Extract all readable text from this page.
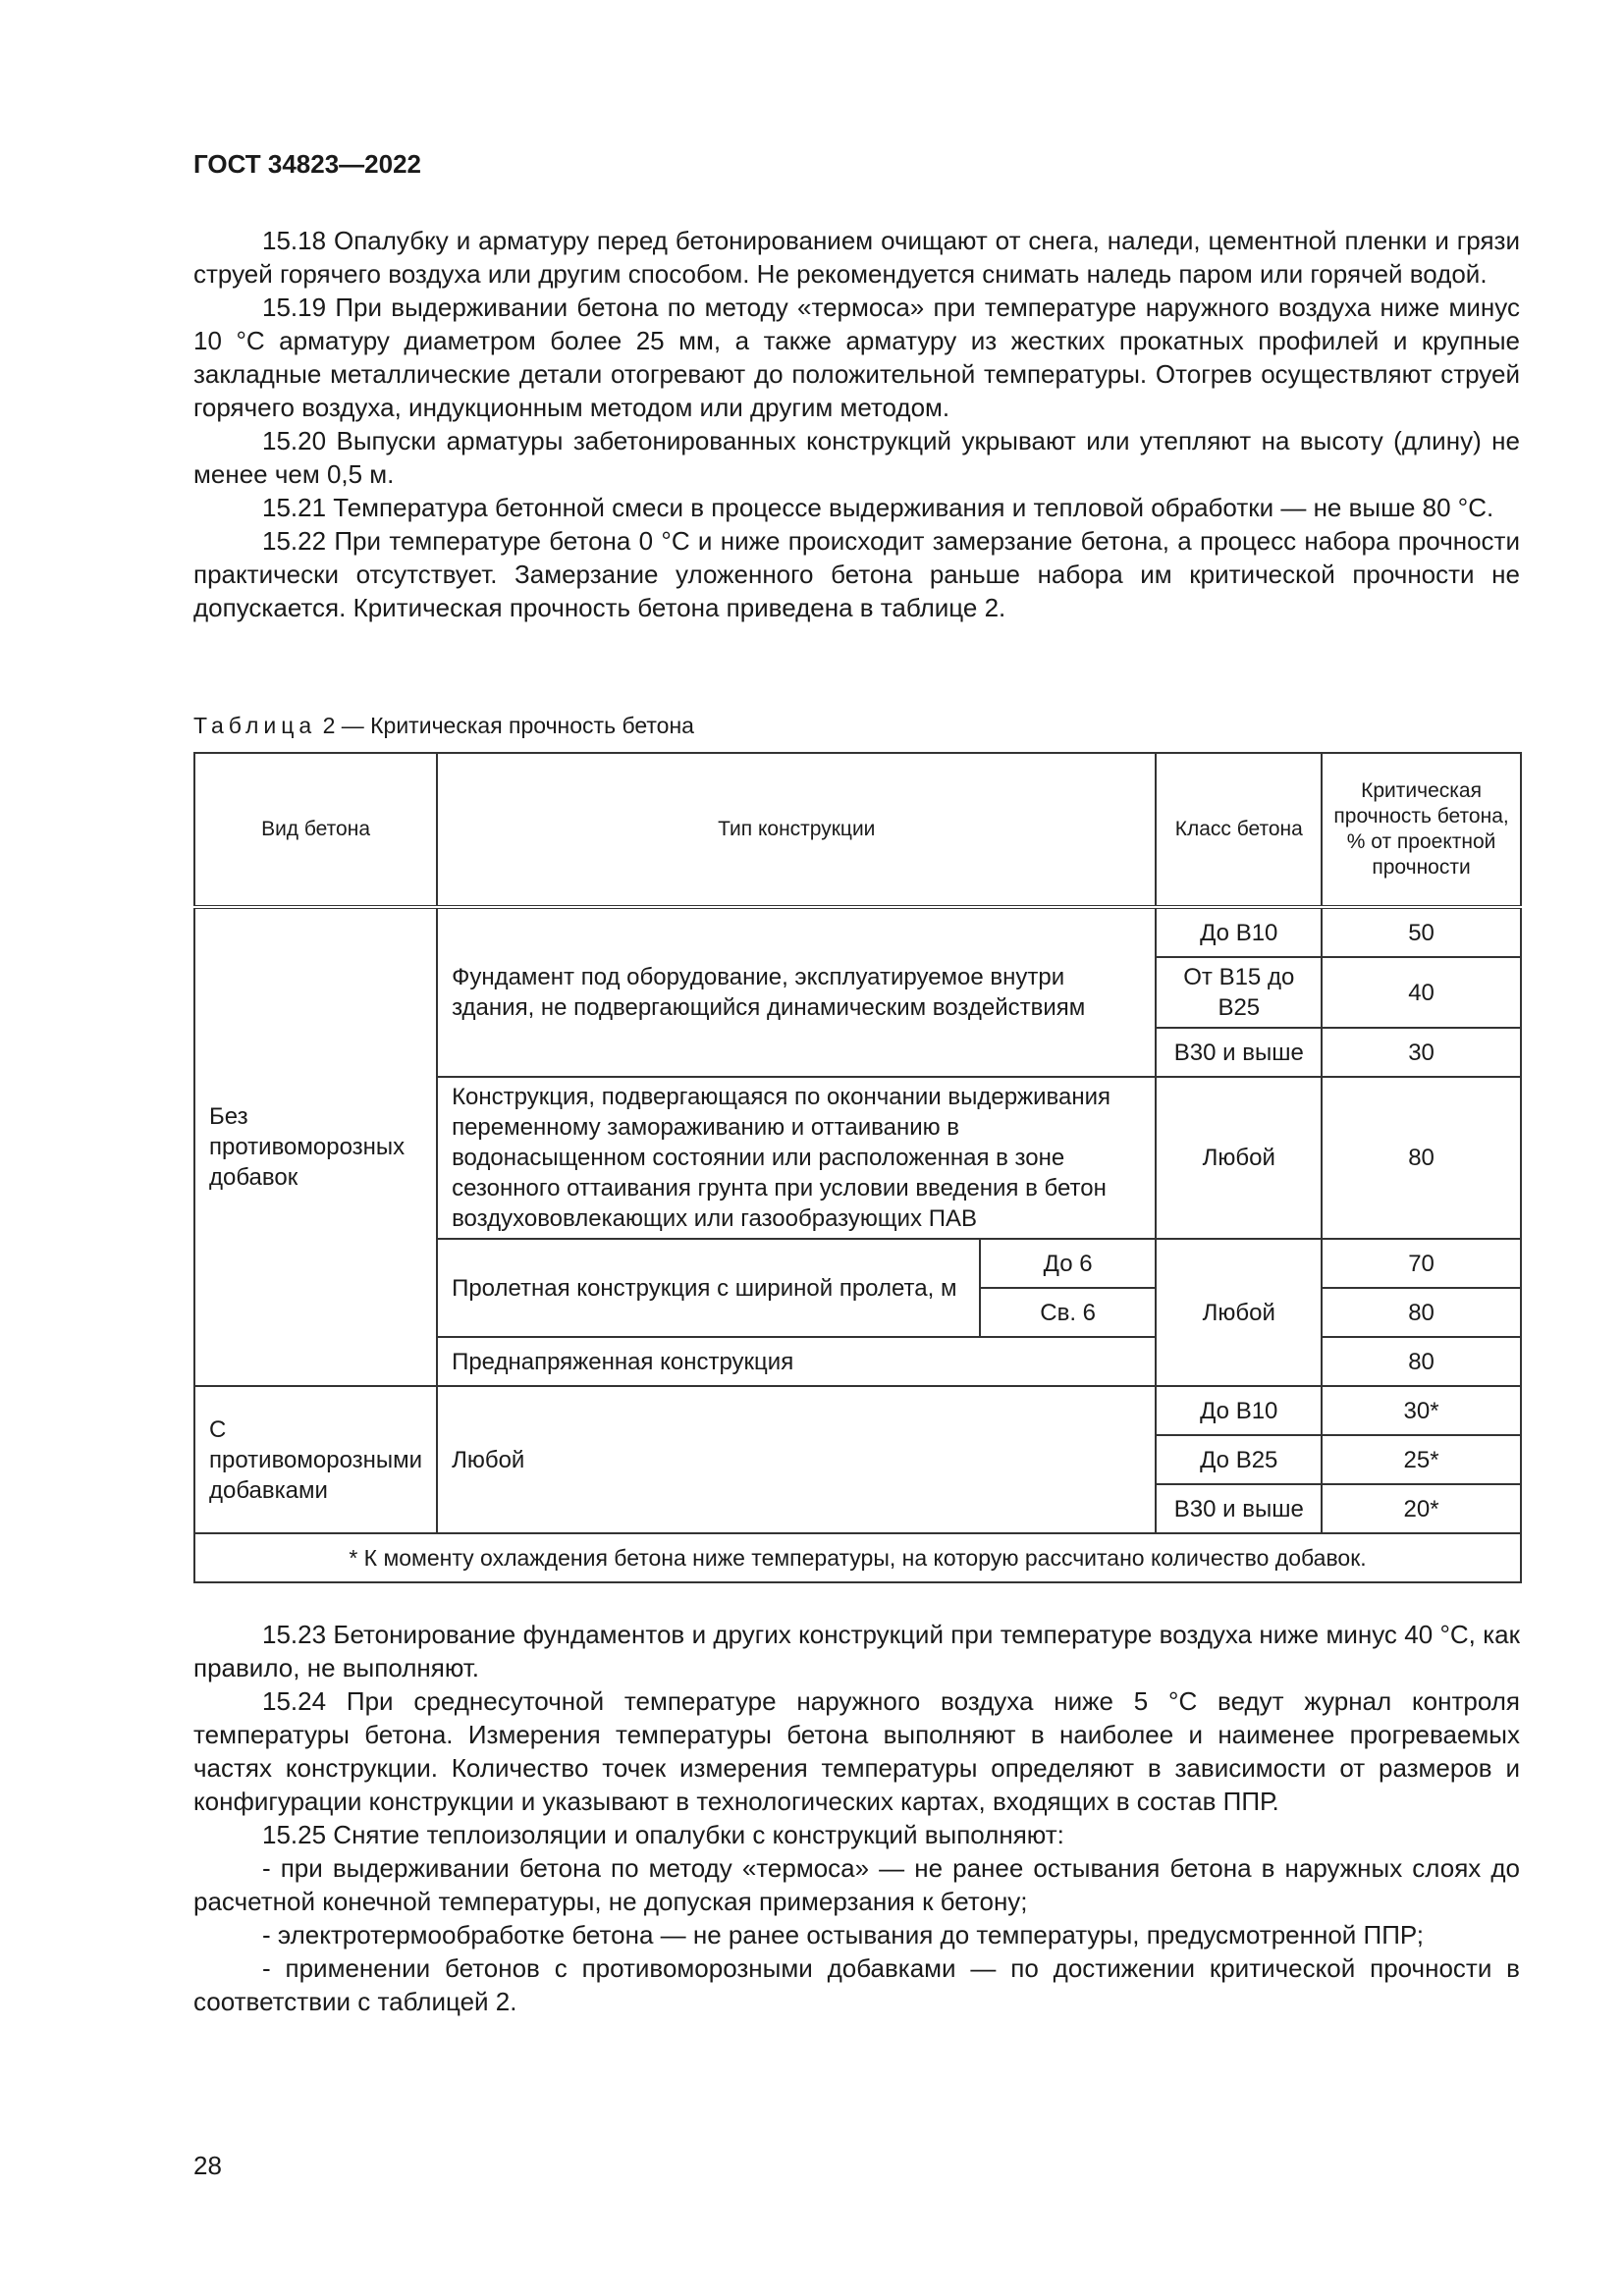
ГОСТ 34823—2022

15.18 Опалубку и арматуру перед бетонированием очищают от снега, наледи, цементной пленки и грязи струей горячего воздуха или другим способом. Не рекомендуется снимать наледь паром или горячей водой.

15.19 При выдерживании бетона по методу «термоса» при температуре наружного воздуха ниже минус 10 °С арматуру диаметром более 25 мм, а также арматуру из жестких прокатных профилей и крупные закладные металлические детали отогревают до положительной температуры. Отогрев осуществляют струей горячего воздуха, индукционным методом или другим методом.

15.20 Выпуски арматуры забетонированных конструкций укрывают или утепляют на высоту (длину) не менее чем 0,5 м.

15.21 Температура бетонной смеси в процессе выдерживания и тепловой обработки — не выше 80 °С.

15.22 При температуре бетона 0 °С и ниже происходит замерзание бетона, а процесс набора прочности практически отсутствует. Замерзание уложенного бетона раньше набора им критической прочности не допускается. Критическая прочность бетона приведена в таблице 2.

Таблица 2 — Критическая прочность бетона
Вид бетона	Тип конструкции		Класс бетона	Критическая прочность бетона, % от проектной прочности
Без противоморозных добавок	Фундамент под оборудование, эксплуатируемое внутри здания, не подвергающийся динамическим воздействиям		До В10	50
			От В15 до В25	40
			В30 и выше	30
	Конструкция, подвергающаяся по окончании выдерживания переменному замораживанию и оттаиванию в водонасыщенном состоянии или расположенная в зоне сезонного оттаивания грунта при условии введения в бетон воздухововлекающих или газообразующих ПАВ		Любой	80
	Пролетная конструкция с шириной пролета, м	До 6	Любой	70
		Св. 6		80
	Преднапряженная конструкция			80
С противоморозными добавками	Любой		До В10	30*
			До В25	25*
			В30 и выше	20*
* К моменту охлаждения бетона ниже температуры, на которую рассчитано количество добавок.				

15.23 Бетонирование фундаментов и других конструкций при температуре воздуха ниже минус 40 °С, как правило, не выполняют.

15.24 При среднесуточной температуре наружного воздуха ниже 5 °С ведут журнал контроля температуры бетона. Измерения температуры бетона выполняют в наиболее и наименее прогреваемых частях конструкции. Количество точек измерения температуры определяют в зависимости от размеров и конфигурации конструкции и указывают в технологических картах, входящих в состав ППР.

15.25 Снятие теплоизоляции и опалубки с конструкций выполняют:

- при выдерживании бетона по методу «термоса» — не ранее остывания бетона в наружных слоях до расчетной конечной температуры, не допуская примерзания к бетону;

- электротермообработке бетона — не ранее остывания до температуры, предусмотренной ППР;

- применении бетонов с противоморозными добавками — по достижении критической прочности в соответствии с таблицей 2.

28
